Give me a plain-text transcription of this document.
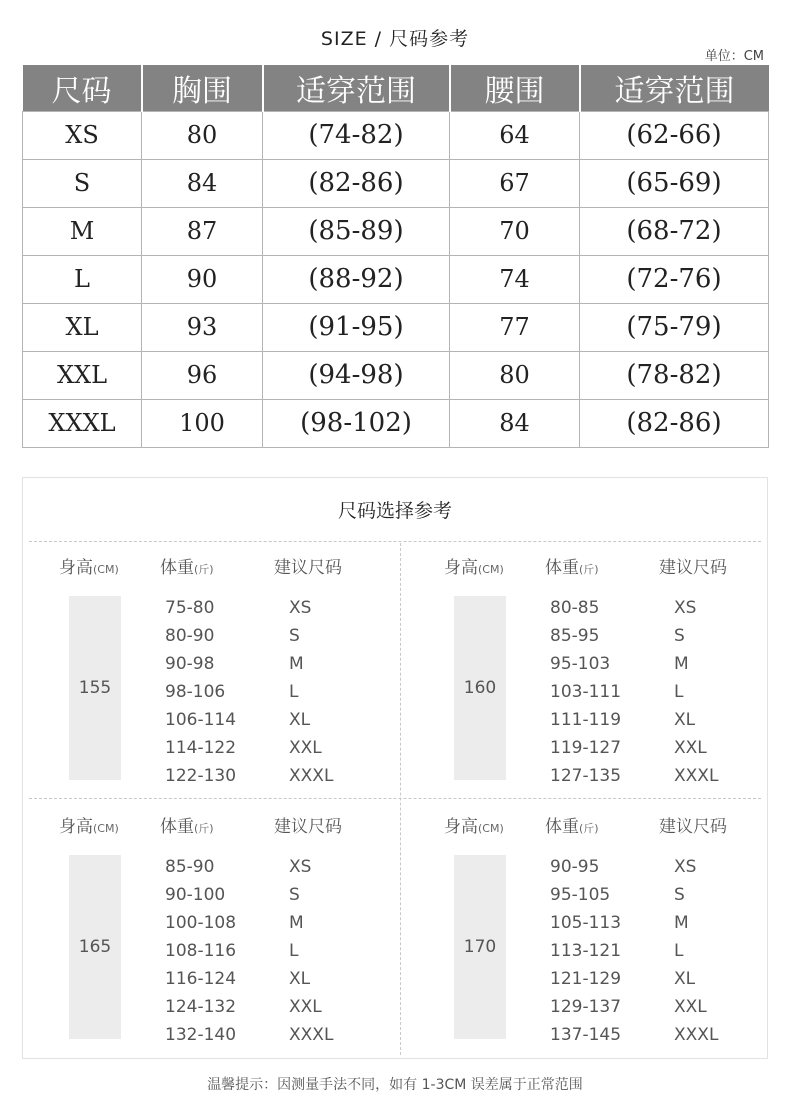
SIZE / 尺码参考
单位：CM
尺码	胸围	适穿范围	腰围	适穿范围
XS	80	(74-82)	64	(62-66)
S	84	(82-86)	67	(65-69)
M	87	(85-89)	70	(68-72)
L	90	(88-92)	74	(72-76)
XL	93	(91-95)	77	(75-79)
XXL	96	(94-98)	80	(78-82)
XXXL	100	(98-102)	84	(82-86)
尺码选择参考
身高(CM) 体重(斤)	建议尺码
155
75-80	XS
80-90	S
90-98	M
98-106	L
106-114	XL
114-122	XXL
122-130	XXXL
身高(CM) 体重(斤)	建议尺码
160
80-85	XS
85-95	S
95-103	M
103-111	L
111-119	XL
119-127	XXL
127-135	XXXL
身高(CM) 体重(斤)	建议尺码
165
85-90	XS
90-100	S
100-108	M
108-116	L
116-124	XL
124-132	XXL
132-140	XXXL
身高(CM) 体重(斤)	建议尺码
170
90-95	XS
95-105	S
105-113	M
113-121	L
121-129	XL
129-137	XXL
137-145	XXXL
温馨提示：因测量手法不同，如有 1-3CM 误差属于正常范围
